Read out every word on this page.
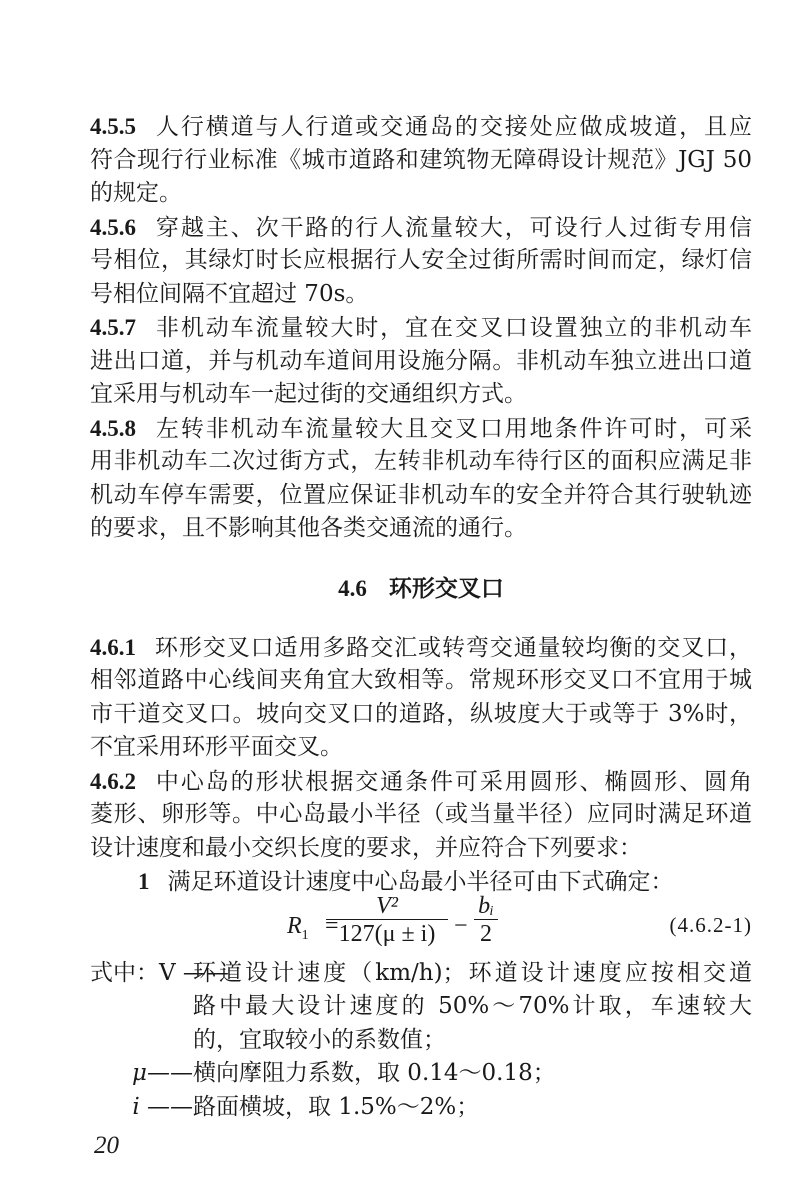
4.5.5 人行横道与人行道或交通岛的交接处应做成坡道，且应
符合现行行业标准《城市道路和建筑物无障碍设计规范》JGJ 50
的规定。
4.5.6 穿越主、次干路的行人流量较大，可设行人过街专用信
号相位，其绿灯时长应根据行人安全过街所需时间而定，绿灯信
号相位间隔不宜超过 70s。
4.5.7 非机动车流量较大时，宜在交叉口设置独立的非机动车
进出口道，并与机动车道间用设施分隔。非机动车独立进出口道
宜采用与机动车一起过街的交通组织方式。
4.5.8 左转非机动车流量较大且交叉口用地条件许可时，可采
用非机动车二次过街方式，左转非机动车待行区的面积应满足非
机动车停车需要，位置应保证非机动车的安全并符合其行驶轨迹
的要求，且不影响其他各类交通流的通行。
4.6 环形交叉口
4.6.1 环形交叉口适用多路交汇或转弯交通量较均衡的交叉口，
相邻道路中心线间夹角宜大致相等。常规环形交叉口不宜用于城
市干道交叉口。坡向交叉口的道路，纵坡度大于或等于 3%时，
不宜采用环形平面交叉。
4.6.2 中心岛的形状根据交通条件可采用圆形、椭圆形、圆角
菱形、卵形等。中心岛最小半径（或当量半径）应同时满足环道
设计速度和最小交织长度的要求，并应符合下列要求：
1 满足环道设计速度中心岛最小半径可由下式确定：
$R_1$ =
V²
127(μ ± i) −
bᵢ
2	(4.6.2-1)
式中：V ——
环道设计速度（km/h)；环道设计速度应按相交道
路中最大设计速度的 50%～70%计取，车速较大
的，宜取较小的系数值；
μ—— 横向摩阻力系数，取 0.14～0.18；
i —— 路面横坡，取 1.5%～2%；
20
